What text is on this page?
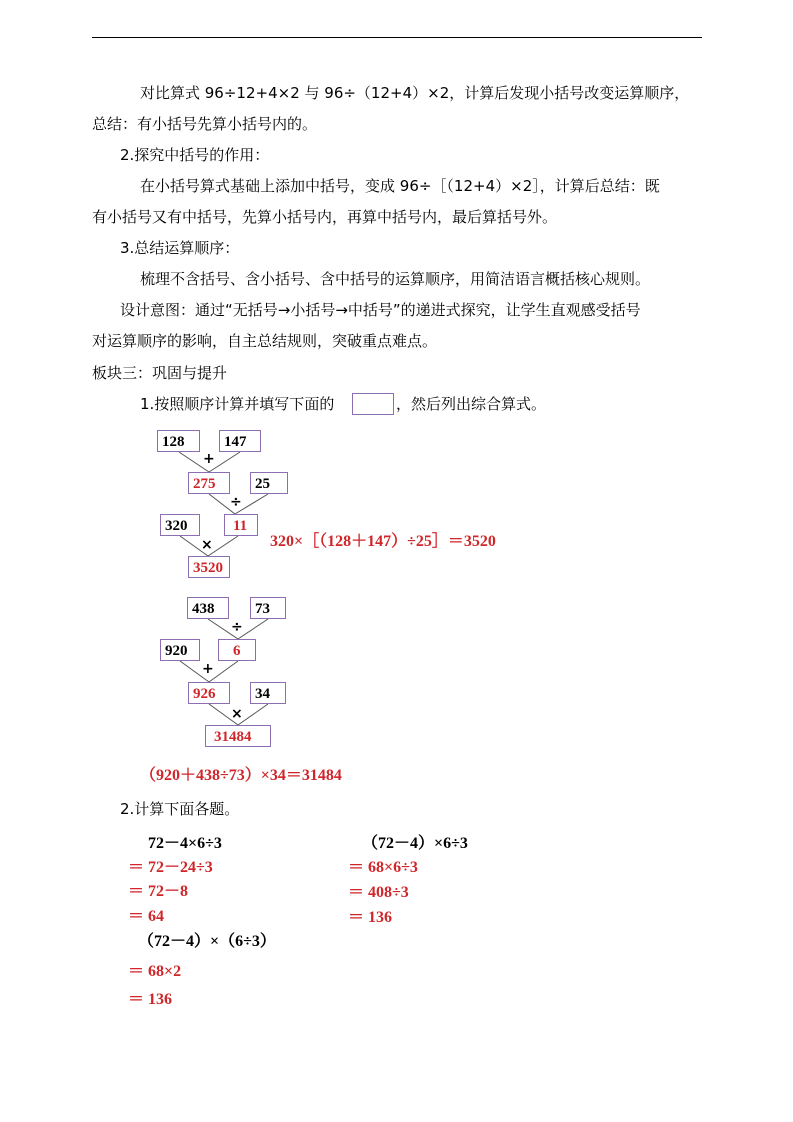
对比算式 96÷12+4×2 与 96÷（12+4）×2，计算后发现小括号改变运算顺序，
总结：有小括号先算小括号内的。
2.探究中括号的作用：
在小括号算式基础上添加中括号，变成 96÷［（12+4）×2］，计算后总结：既
有小括号又有中括号，先算小括号内，再算中括号内，最后算括号外。
3.总结运算顺序：
梳理不含括号、含小括号、含中括号的运算顺序，用简洁语言概括核心规则。
设计意图：通过“无括号→小括号→中括号”的递进式探究，让学生直观感受括号
对运算顺序的影响，自主总结规则，突破重点难点。
板块三：巩固与提升
1.按照顺序计算并填写下面的	，然后列出综合算式。
128	147
+
275	25
÷
320	11
×
3520
320×［（128＋147）÷25］＝3520
438	73
÷
920	6
+
926	34
×
31484
（920＋438÷73）×34＝31484
2.计算下面各题。
72－4×6÷3
＝ 72－24÷3
＝ 72－8
＝ 64
（72－4）×6÷3
＝ 68×6÷3
＝ 408÷3
＝ 136
（72－4）×（6÷3）
＝ 68×2
＝ 136
